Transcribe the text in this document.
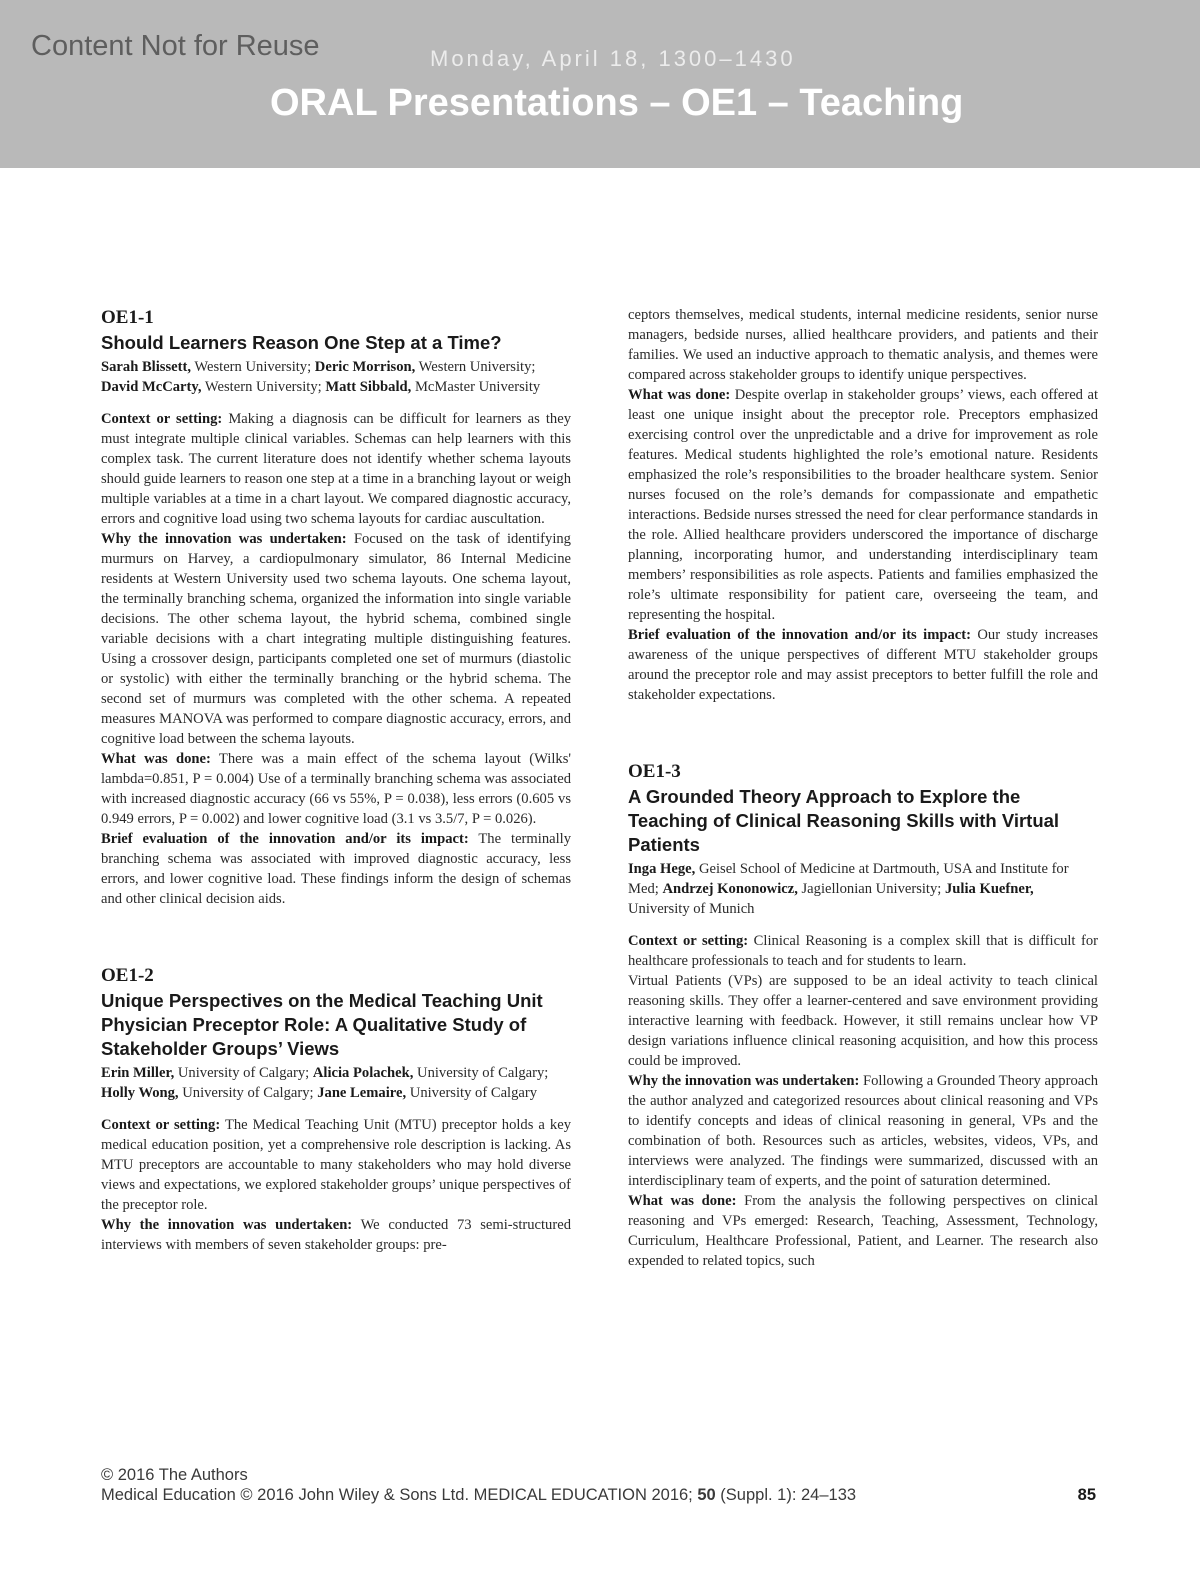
Content Not for Reuse	Monday, April 18, 1300–1430
ORAL Presentations – OE1 – Teaching
OE1-1
Should Learners Reason One Step at a Time?
Sarah Blissett, Western University; Deric Morrison, Western University; David McCarty, Western University; Matt Sibbald, McMaster University

Context or setting: Making a diagnosis can be difficult for learners as they must integrate multiple clinical variables. Schemas can help learners with this complex task. The current literature does not identify whether schema layouts should guide learners to reason one step at a time in a branching layout or weigh multiple variables at a time in a chart layout. We compared diagnostic accuracy, errors and cognitive load using two schema layouts for cardiac auscultation.

Why the innovation was undertaken: Focused on the task of identifying murmurs on Harvey, a cardiopulmonary simulator, 86 Internal Medicine residents at Western University used two schema layouts. One schema layout, the terminally branching schema, organized the information into single variable decisions. The other schema layout, the hybrid schema, combined single variable decisions with a chart integrating multiple distinguishing features. Using a crossover design, participants completed one set of murmurs (diastolic or systolic) with either the terminally branching or the hybrid schema. The second set of murmurs was completed with the other schema. A repeated measures MANOVA was performed to compare diagnostic accuracy, errors, and cognitive load between the schema layouts.

What was done: There was a main effect of the schema layout (Wilks' lambda=0.851, P = 0.004) Use of a terminally branching schema was associated with increased diagnostic accuracy (66 vs 55%, P = 0.038), less errors (0.605 vs 0.949 errors, P = 0.002) and lower cognitive load (3.1 vs 3.5/7, P = 0.026).

Brief evaluation of the innovation and/or its impact: The terminally branching schema was associated with improved diagnostic accuracy, less errors, and lower cognitive load. These findings inform the design of schemas and other clinical decision aids.

OE1-2
Unique Perspectives on the Medical Teaching Unit Physician Preceptor Role: A Qualitative Study of Stakeholder Groups’ Views
Erin Miller, University of Calgary; Alicia Polachek, University of Calgary; Holly Wong, University of Calgary; Jane Lemaire, University of Calgary

Context or setting: The Medical Teaching Unit (MTU) preceptor holds a key medical education position, yet a comprehensive role description is lacking. As MTU preceptors are accountable to many stakeholders who may hold diverse views and expectations, we explored stakeholder groups’ unique perspectives of the preceptor role.

Why the innovation was undertaken: We conducted 73 semi-structured interviews with members of seven stakeholder groups: pre-

ceptors themselves, medical students, internal medicine residents, senior nurse managers, bedside nurses, allied healthcare providers, and patients and their families. We used an inductive approach to thematic analysis, and themes were compared across stakeholder groups to identify unique perspectives.

What was done: Despite overlap in stakeholder groups’ views, each offered at least one unique insight about the preceptor role. Preceptors emphasized exercising control over the unpredictable and a drive for improvement as role features. Medical students highlighted the role’s emotional nature. Residents emphasized the role’s responsibilities to the broader healthcare system. Senior nurses focused on the role’s demands for compassionate and empathetic interactions. Bedside nurses stressed the need for clear performance standards in the role. Allied healthcare providers underscored the importance of discharge planning, incorporating humor, and understanding interdisciplinary team members’ responsibilities as role aspects. Patients and families emphasized the role’s ultimate responsibility for patient care, overseeing the team, and representing the hospital.

Brief evaluation of the innovation and/or its impact: Our study increases awareness of the unique perspectives of different MTU stakeholder groups around the preceptor role and may assist preceptors to better fulfill the role and stakeholder expectations.

OE1-3
A Grounded Theory Approach to Explore the Teaching of Clinical Reasoning Skills with Virtual Patients
Inga Hege, Geisel School of Medicine at Dartmouth, USA and Institute for Med; Andrzej Kononowicz, Jagiellonian University; Julia Kuefner, University of Munich

Context or setting: Clinical Reasoning is a complex skill that is difficult for healthcare professionals to teach and for students to learn.

Virtual Patients (VPs) are supposed to be an ideal activity to teach clinical reasoning skills. They offer a learner-centered and save environment providing interactive learning with feedback. However, it still remains unclear how VP design variations influence clinical reasoning acquisition, and how this process could be improved.

Why the innovation was undertaken: Following a Grounded Theory approach the author analyzed and categorized resources about clinical reasoning and VPs to identify concepts and ideas of clinical reasoning in general, VPs and the combination of both. Resources such as articles, websites, videos, VPs, and interviews were analyzed. The findings were summarized, discussed with an interdisciplinary team of experts, and the point of saturation determined.

What was done: From the analysis the following perspectives on clinical reasoning and VPs emerged: Research, Teaching, Assessment, Technology, Curriculum, Healthcare Professional, Patient, and Learner. The research also expended to related topics, such

© 2016 The Authors
Medical Education © 2016 John Wiley & Sons Ltd. MEDICAL EDUCATION 2016; 50 (Suppl. 1): 24–133	85
